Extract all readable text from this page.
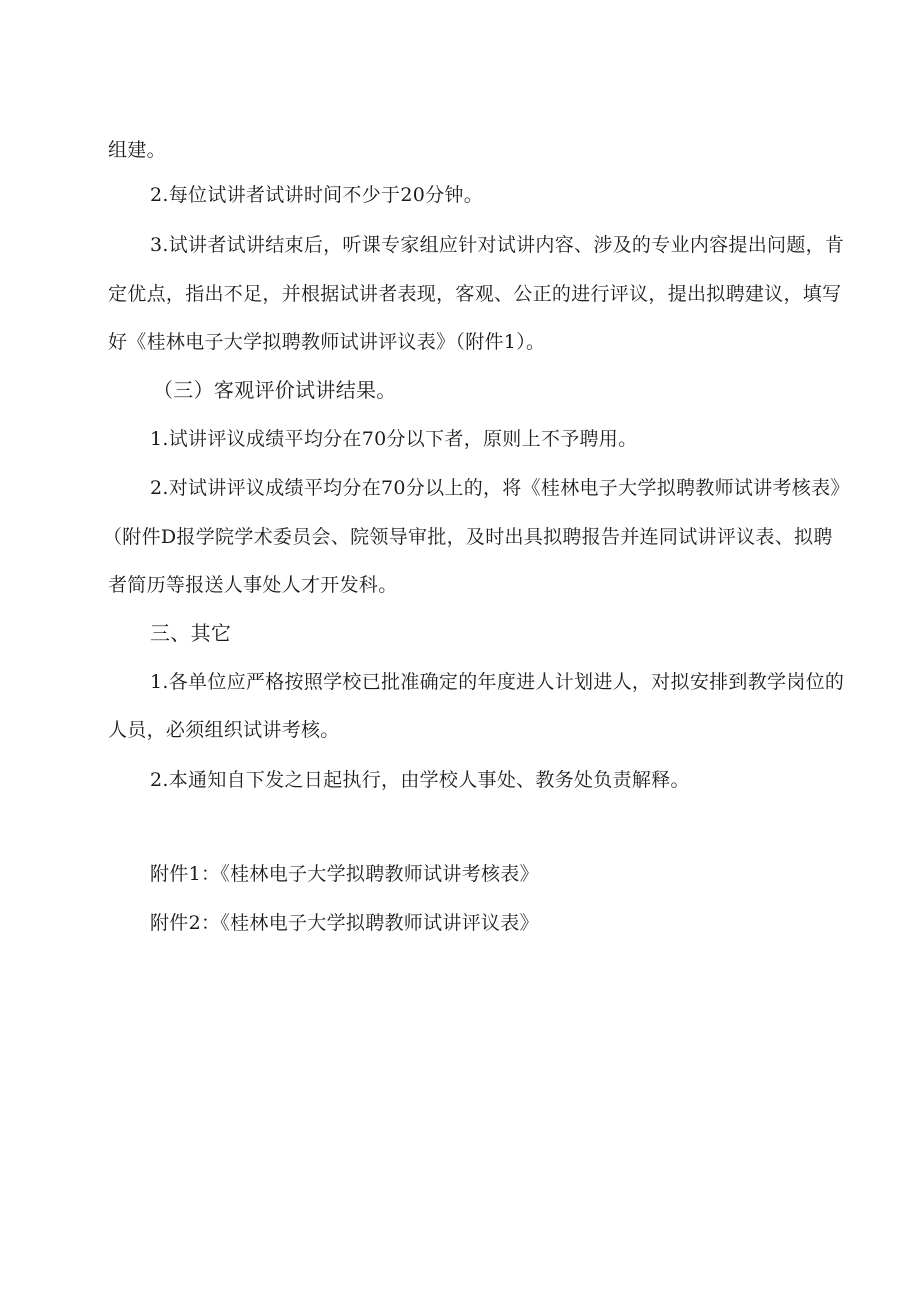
组建。
2.每位试讲者试讲时间不少于20分钟。
3.试讲者试讲结束后，听课专家组应针对试讲内容、涉及的专业内容提出问题，肯
定优点，指出不足，并根据试讲者表现，客观、公正的进行评议，提出拟聘建议，填写
好《桂林电子大学拟聘教师试讲评议表》（附件1）。
（三）客观评价试讲结果。
1.试讲评议成绩平均分在70分以下者，原则上不予聘用。
2.对试讲评议成绩平均分在70分以上的，将《桂林电子大学拟聘教师试讲考核表》
（附件D报学院学术委员会、院领导审批，及时出具拟聘报告并连同试讲评议表、拟聘
者简历等报送人事处人才开发科。
三、其它
1.各单位应严格按照学校已批准确定的年度进人计划进人，对拟安排到教学岗位的
人员，必须组织试讲考核。
2.本通知自下发之日起执行，由学校人事处、教务处负责解释。
附件1：《桂林电子大学拟聘教师试讲考核表》
附件2：《桂林电子大学拟聘教师试讲评议表》
